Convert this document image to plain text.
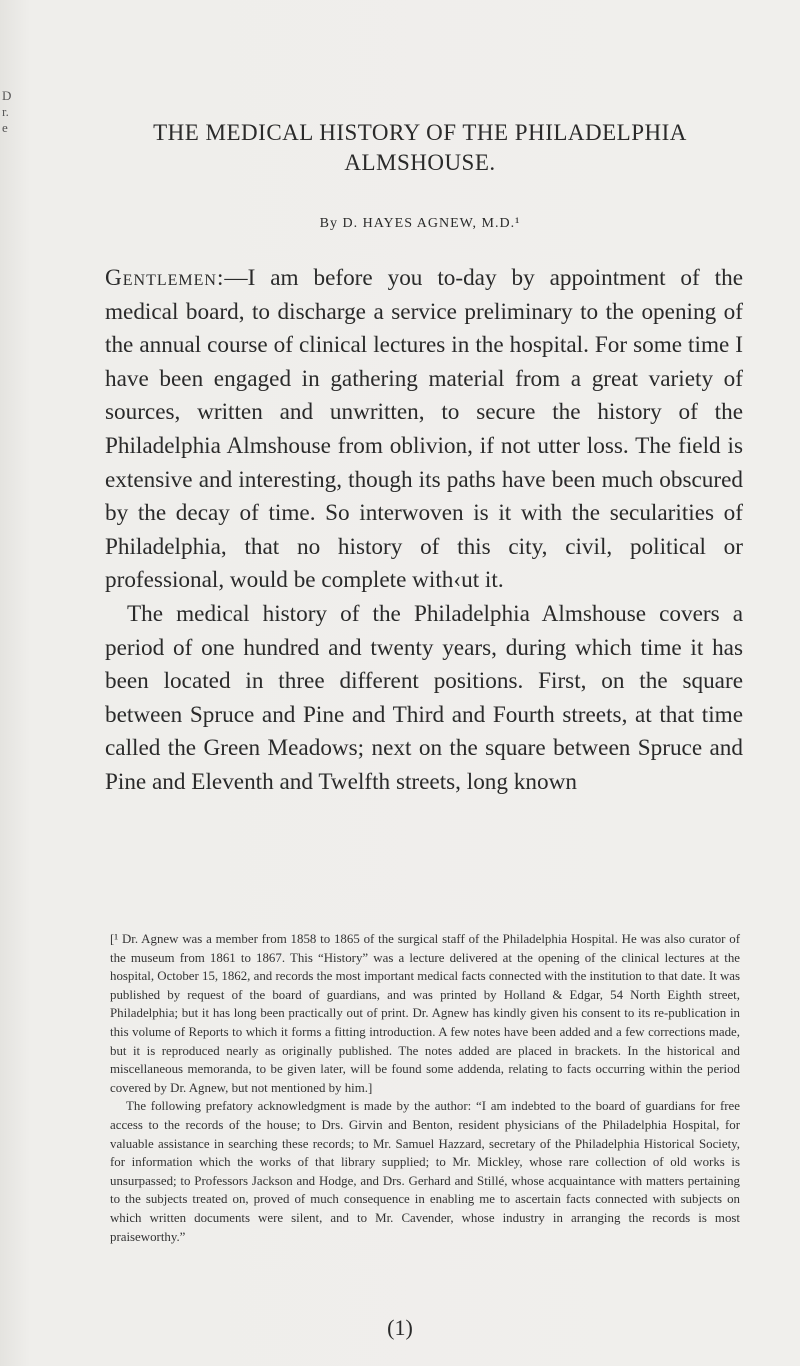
D
r.
e	THE MEDICAL HISTORY OF THE PHILADELPHIA
ALMSHOUSE.
By D. HAYES AGNEW, M.D.¹

Gentlemen:—I am before you to-day by appointment of the medical board, to discharge a service preliminary to the opening of the annual course of clinical lectures in the hospital. For some time I have been engaged in gathering material from a great variety of sources, written and unwritten, to secure the history of the Philadelphia Almshouse from oblivion, if not utter loss. The field is extensive and interesting, though its paths have been much obscured by the decay of time. So interwoven is it with the secularities of Philadelphia, that no history of this city, civil, political or professional, would be complete with‹ut it.

The medical history of the Philadelphia Almshouse covers a period of one hundred and twenty years, during which time it has been located in three different positions. First, on the square between Spruce and Pine and Third and Fourth streets, at that time called the Green Meadows; next on the square between Spruce and Pine and Eleventh and Twelfth streets, long known

[¹ Dr. Agnew was a member from 1858 to 1865 of the surgical staff of the Philadelphia Hospital. He was also curator of the museum from 1861 to 1867. This “History” was a lecture delivered at the opening of the clinical lectures at the hospital, October 15, 1862, and records the most important medical facts connected with the institution to that date. It was published by request of the board of guardians, and was printed by Holland & Edgar, 54 North Eighth street, Philadelphia; but it has long been practically out of print. Dr. Agnew has kindly given his consent to its re-publication in this volume of Reports to which it forms a fitting introduction. A few notes have been added and a few corrections made, but it is reproduced nearly as originally published. The notes added are placed in brackets. In the historical and miscellaneous memoranda, to be given later, will be found some addenda, relating to facts occurring within the period covered by Dr. Agnew, but not mentioned by him.]

The following prefatory acknowledgment is made by the author: “I am indebted to the board of guardians for free access to the records of the house; to Drs. Girvin and Benton, resident physicians of the Philadelphia Hospital, for valuable assistance in searching these records; to Mr. Samuel Hazzard, secretary of the Philadelphia Historical Society, for information which the works of that library supplied; to Mr. Mickley, whose rare collection of old works is unsurpassed; to Professors Jackson and Hodge, and Drs. Gerhard and Stillé, whose acquaintance with matters pertaining to the subjects treated on, proved of much consequence in enabling me to ascertain facts connected with subjects on which written documents were silent, and to Mr. Cavender, whose industry in arranging the records is most praiseworthy.”

(1)
